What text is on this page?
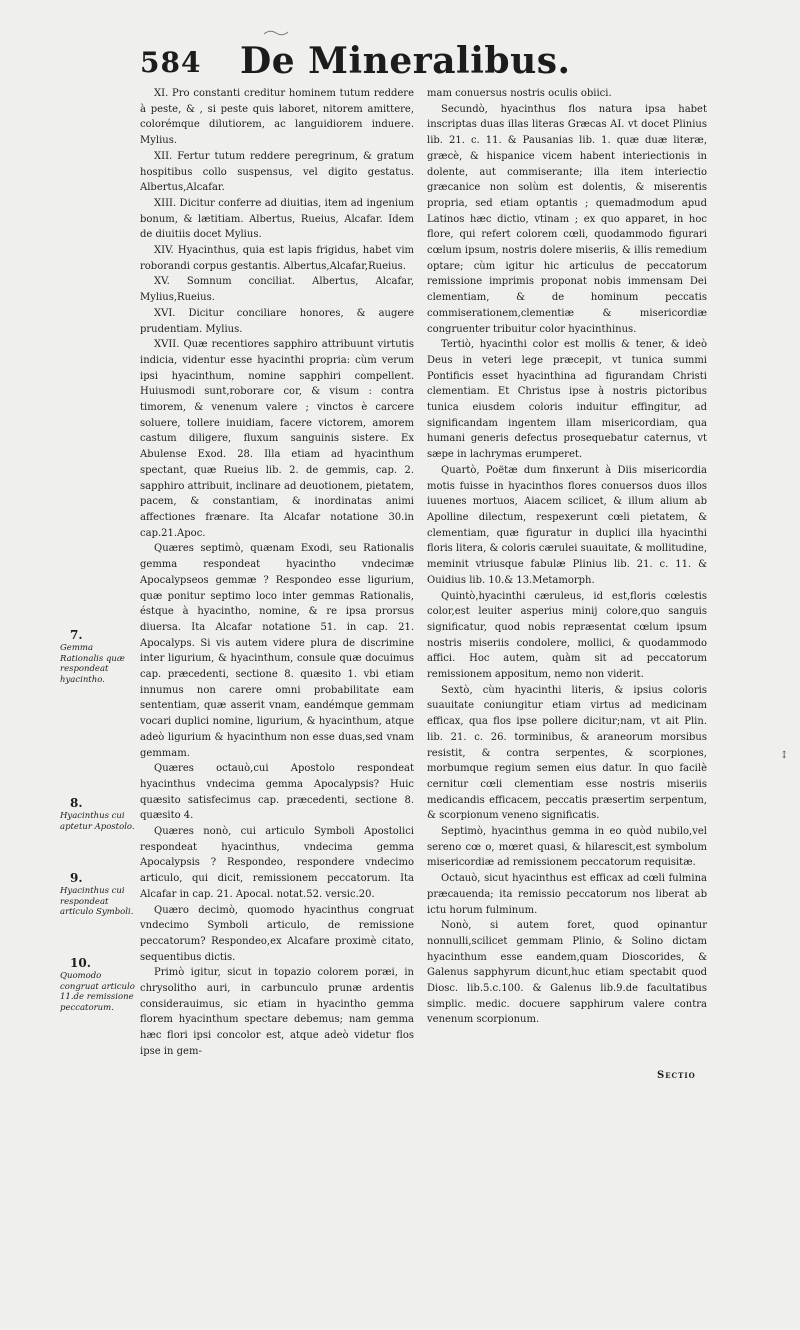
584 De Mineralibus.
7.
Gemma Rationalis quæ respondeat hyacintho.
8.
Hyacinthus cui aptetur Apostolo.
9.
Hyacinthus cui respondeat articulo Symboli.
10.
Quomodo congruat articulo 11.de remissione peccatorum.

XI. Pro constanti creditur hominem tutum reddere à peste, & , si peste quis laboret, nitorem amittere, colorémque dilutiorem, ac languidiorem induere. Mylius.

XII. Fertur tutum reddere peregrinum, & gratum hospitibus collo suspensus, vel digito gestatus. Albertus,Alcafar.

XIII. Dicitur conferre ad diuitias, item ad ingenium bonum, & lætitiam. Albertus, Rueius, Alcafar. Idem de diuitiis docet Mylius.

XIV. Hyacinthus, quia est lapis frigidus, habet vim roborandi corpus gestantis. Albertus,Alcafar,Rueius.

XV. Somnum conciliat. Albertus, Alcafar, Mylius,Rueius.

XVI. Dicitur conciliare honores, & augere prudentiam. Mylius.

XVII. Quæ recentiores sapphiro attribuunt virtutis indicia, videntur esse hyacinthi propria: cùm verum ipsi hyacinthum, nomine sapphiri compellent. Huiusmodi sunt,roborare cor, & visum : contra timorem, & venenum valere ; vinctos è carcere soluere, tollere inuidiam, facere victorem, amorem castum diligere, fluxum sanguinis sistere. Ex Abulense Exod. 28. Illa etiam ad hyacinthum spectant, quæ Rueius lib. 2. de gemmis, cap. 2. sapphiro attribuit, inclinare ad deuotionem, pietatem, pacem, & constantiam, & inordinatas animi affectiones frænare. Ita Alcafar notatione 30.in cap.21.Apoc.

Quæres septimò, quænam Exodi, seu Rationalis gemma respondeat hyacintho vndecimæ Apocalypseos gemmæ ? Respondeo esse ligurium, quæ ponitur septimo loco inter gemmas Rationalis, éstque à hyacintho, nomine, & re ipsa prorsus diuersa. Ita Alcafar notatione 51. in cap. 21. Apocalyps. Si vis autem videre plura de discrimine inter ligurium, & hyacinthum, consule quæ docuimus cap. præcedenti, sectione 8. quæsito 1. vbi etiam innumus non carere omni probabilitate eam sententiam, quæ asserit vnam, eandémque gemmam vocari duplici nomine, ligurium, & hyacinthum, atque adeò ligurium & hyacinthum non esse duas,sed vnam gemmam.

Quæres octauò,cui Apostolo respondeat hyacinthus vndecima gemma Apocalypsis? Huic quæsito satisfecimus cap. præcedenti, sectione 8. quæsito 4.

Quæres nonò, cui articulo Symboli Apostolici respondeat hyacinthus, vndecima gemma Apocalypsis ? Respondeo, respondere vndecimo articulo, qui dicit, remissionem peccatorum. Ita Alcafar in cap. 21. Apocal. notat.52. versic.20.

Quæro decimò, quomodo hyacinthus congruat vndecimo Symboli articulo, de remissione peccatorum? Respondeo,ex Alcafare proximè citato, sequentibus dictis.

Primò igitur, sicut in topazio colorem poræi, in chrysolitho auri, in carbunculo prunæ ardentis considerauimus, sic etiam in hyacintho gemma florem hyacinthum spectare debemus; nam gemma hæc flori ipsi concolor est, atque adeò videtur flos ipse in gem-

mam conuersus nostris oculis obiici.

Secundò, hyacinthus flos natura ipsa habet inscriptas duas illas literas Græcas AI. vt docet Plinius lib. 21. c. 11. & Pausanias lib. 1. quæ duæ literæ, græcè, & hispanice vicem habent interiectionis in dolente, aut commiserante; illa item interiectio græcanice non solùm est dolentis, & miserentis propria, sed etiam optantis ; quemadmodum apud Latinos hæc dictio, vtinam ; ex quo apparet, in hoc flore, qui refert colorem cœli, quodammodo figurari cœlum ipsum, nostris dolere miseriis, & illis remedium optare; cùm igitur hic articulus de peccatorum remissione imprimis proponat nobis immensam Dei clementiam, & de hominum peccatis commiserationem,clementiæ & misericordiæ congruenter tribuitur color hyacinthinus.

Tertiò, hyacinthi color est mollis & tener, & ideò Deus in veteri lege præcepit, vt tunica summi Pontificis esset hyacinthina ad figurandam Christi clementiam. Et Christus ipse à nostris pictoribus tunica eiusdem coloris induitur effingitur, ad significandam ingentem illam misericordiam, qua humani generis defectus prosequebatur caternus, vt sæpe in lachrymas erumperet.

Quartò, Poëtæ dum finxerunt à Diis misericordia motis fuisse in hyacinthos flores conuersos duos illos iuuenes mortuos, Aiacem scilicet, & illum alium ab Apolline dilectum, respexerunt cœli pietatem, & clementiam, quæ figuratur in duplici illa hyacinthi floris litera, & coloris cærulei suauitate, & mollitudine, meminit vtriusque fabulæ Plinius lib. 21. c. 11. & Ouidius lib. 10.& 13.Metamorph.

Quintò,hyacinthi cæruleus, id est,floris cœlestis color,est leuiter asperius minij colore,quo sanguis significatur, quod nobis repræsentat cœlum ipsum nostris miseriis condolere, mollici, & quodammodo affici. Hoc autem, quàm sit ad peccatorum remissionem appositum, nemo non viderit.

Sextò, cùm hyacinthi literis, & ipsius coloris suauitate coniungitur etiam virtus ad medicinam efficax, qua flos ipse pollere dicitur;nam, vt ait Plin. lib. 21. c. 26. torminibus, & araneorum morsibus resistit, & contra serpentes, & scorpiones, morbumque regium semen eius datur. In quo facilè cernitur cœli clementiam esse nostris miseriis medicandis efficacem, peccatis præsertim serpentum, & scorpionum veneno significatis.

Septimò, hyacinthus gemma in eo quòd nubilo,vel sereno cœ o, mœret quasi, & hilarescit,est symbolum misericordiæ ad remissionem peccatorum requisitæ.

Octauò, sicut hyacinthus est efficax ad cœli fulmina præcauenda; ita remissio peccatorum nos liberat ab ictu horum fulminum.

Nonò, si autem foret, quod opinantur nonnulli,scilicet gemmam Plinio, & Solino dictam hyacinthum esse eandem,quam Dioscorides, & Galenus sapphyrum dicunt,huc etiam spectabit quod Diosc. lib.5.c.100. & Galenus lib.9.de facultatibus simplic. medic. docuere sapphirum valere contra venenum scorpionum.

Sectio
↕
